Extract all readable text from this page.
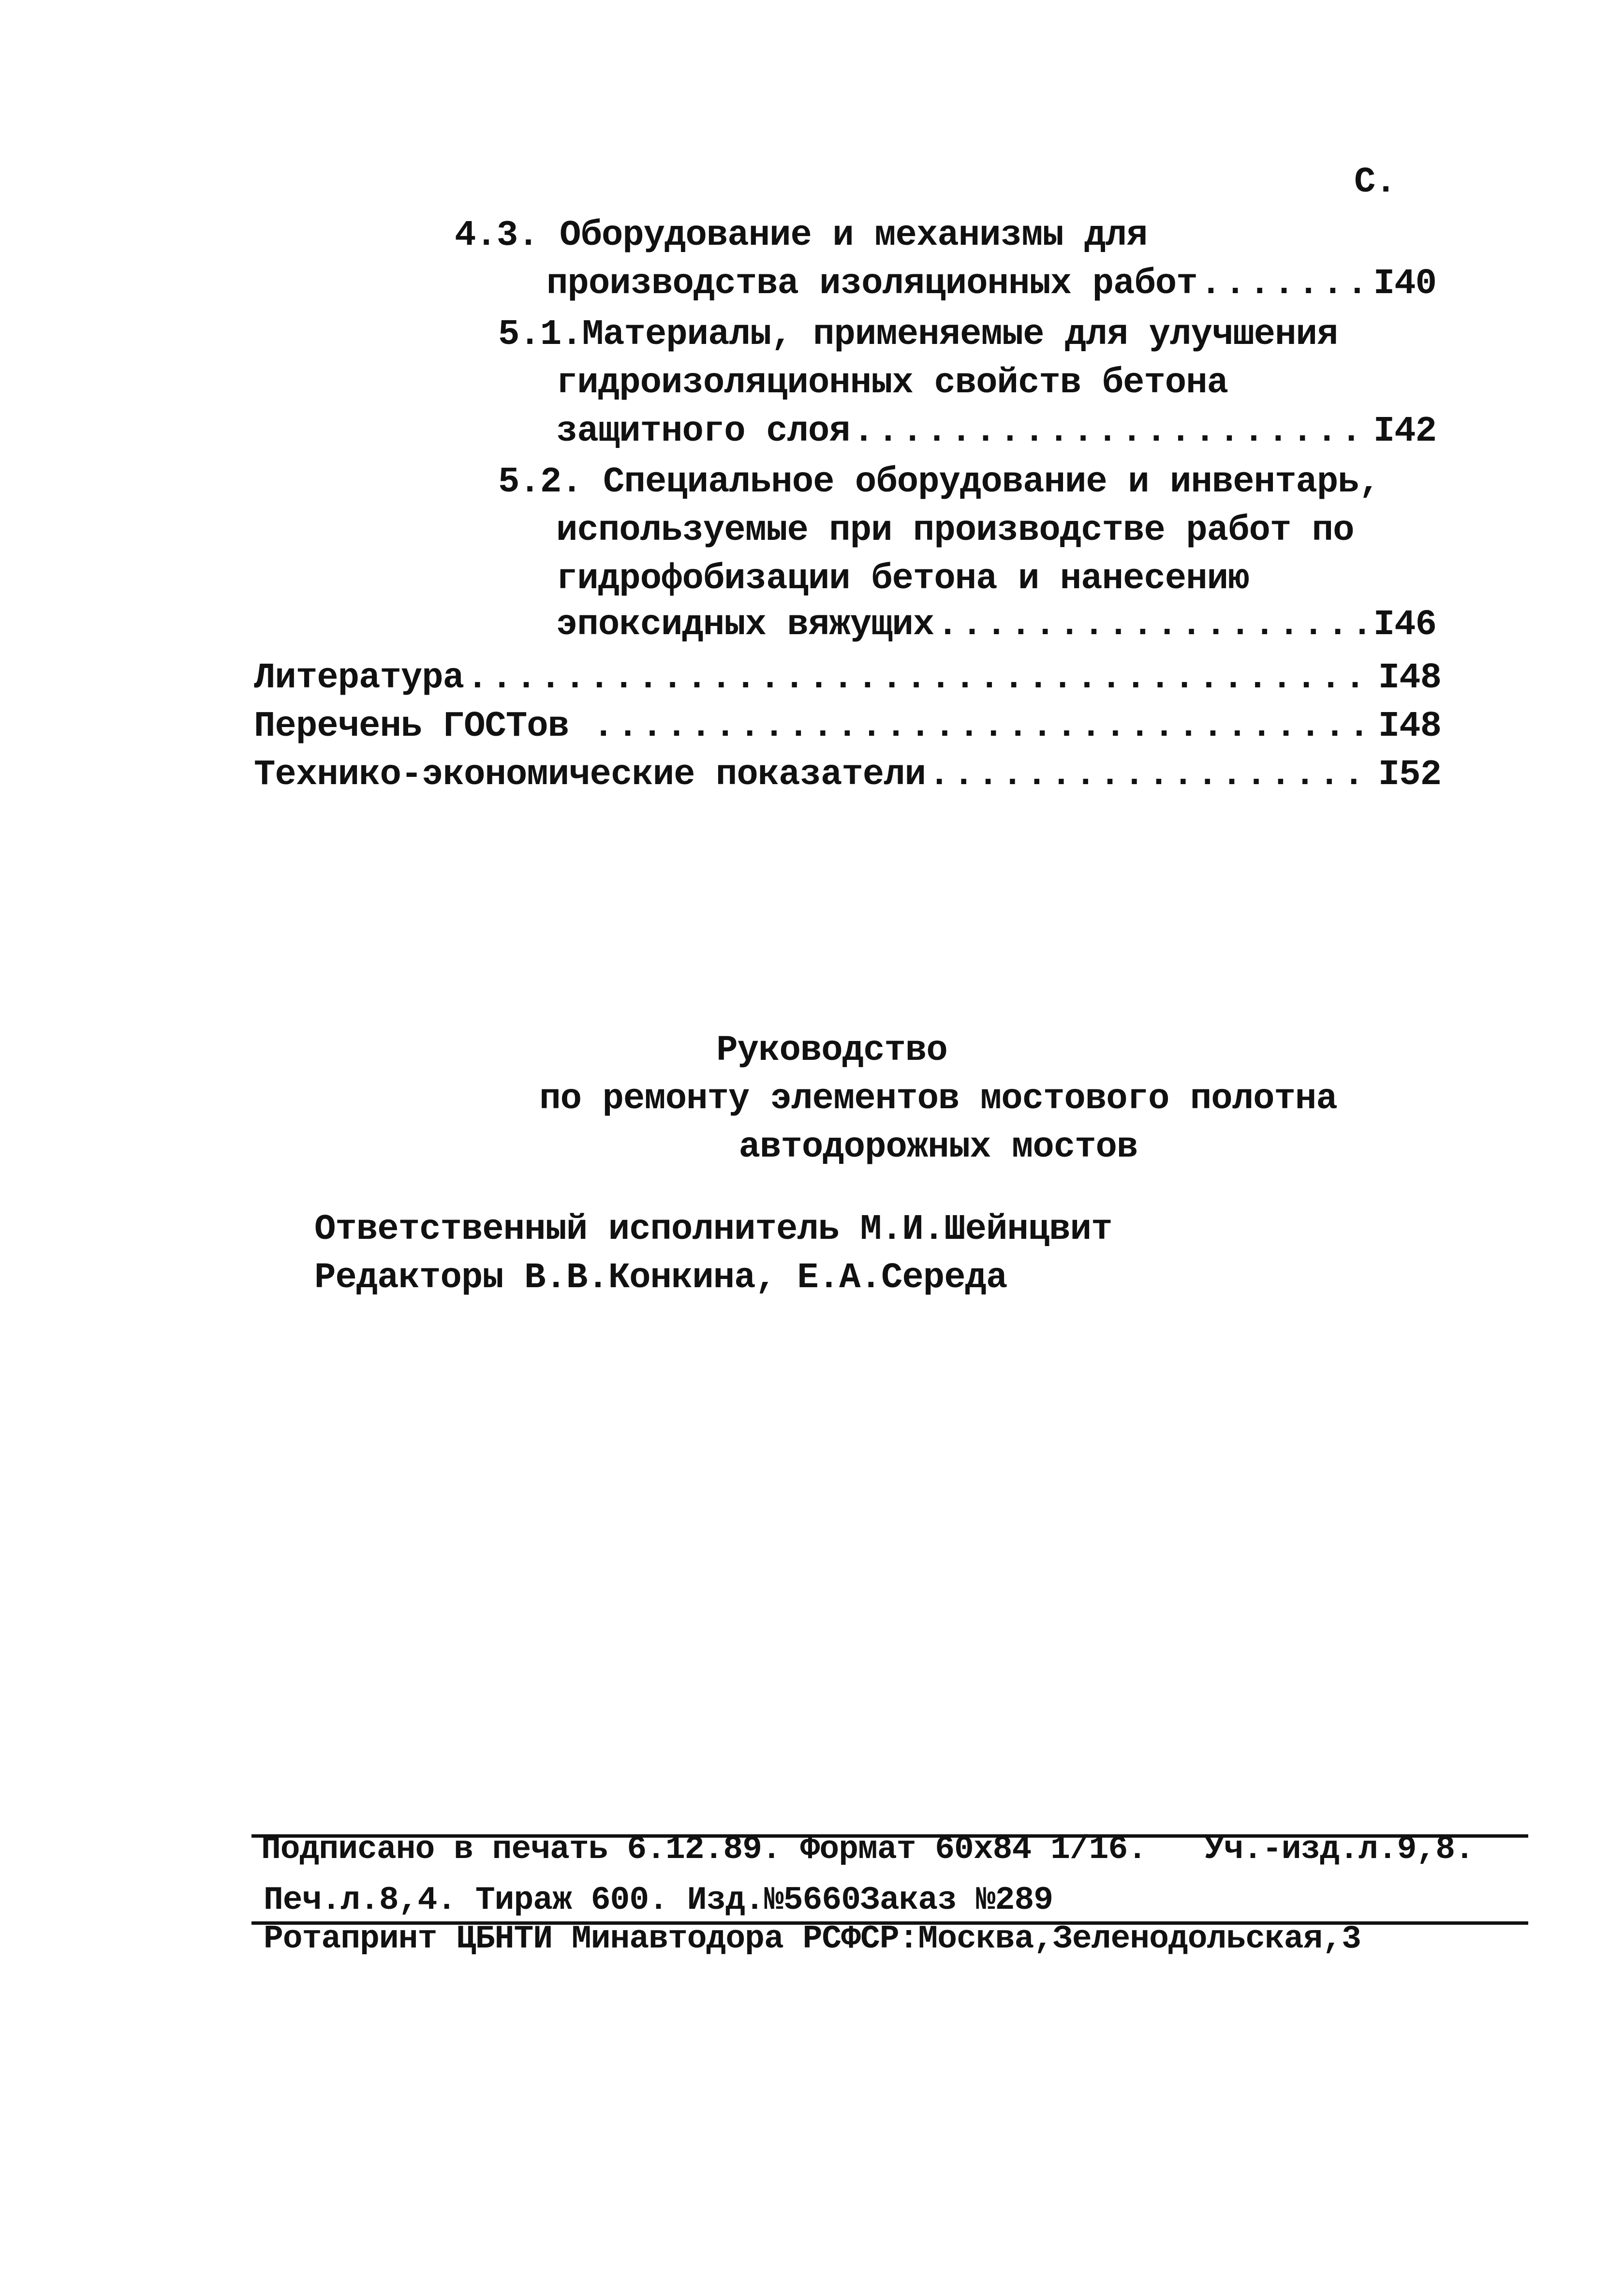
С.
4.3. Оборудование и механизмы для
производства изоляционных работ .....	I40
5.1.Материалы, применяемые для улучшения
гидроизоляционных свойств бетона
защитного слоя .....	I42
5.2. Специальное оборудование и инвентарь,
используемые при производстве работ по
гидрофобизации бетона и нанесению
эпоксидных вяжущих .....	I46
Литература .....	I48
Перечень ГОСТов .....	I48
Технико-экономические показатели .....	I52
Руководство
по ремонту элементов мостового полотна
автодорожных мостов
Ответственный исполнитель М.И.Шейнцвит
Редакторы В.В.Конкина, Е.А.Середа
Подписано в печать 6.12.89. Формат 60х84 1/16.   Уч.-изд.л.9,8.
Печ.л.8,4. Тираж 600. Изд.№5660Заказ №289
Ротапринт ЦБНТИ Минавтодора РСФСР:Москва,Зеленодольская,3
